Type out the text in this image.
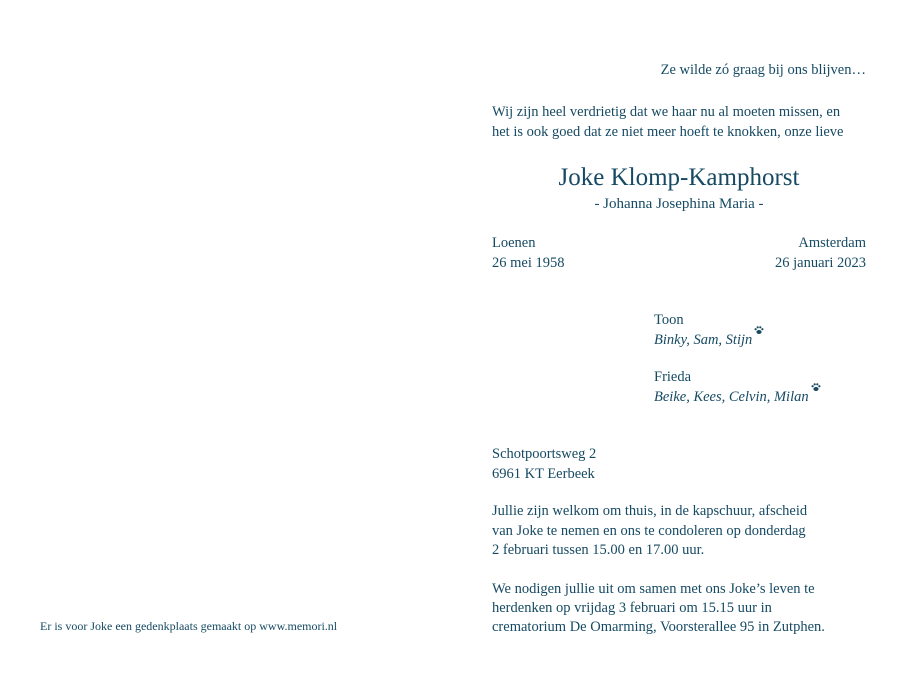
Ze wilde zó graag bij ons blijven…
Wij zijn heel verdrietig dat we haar nu al moeten missen, en
het is ook goed dat ze niet meer hoeft te knokken, onze lieve
Joke Klomp-Kamphorst
- Johanna Josephina Maria -
Loenen
26 mei 1958
Amsterdam
26 januari 2023
Toon
Binky, Sam, Stijn
Frieda
Beike, Kees, Celvin, Milan
Schotpoortsweg 2
6961 KT Eerbeek
Jullie zijn welkom om thuis, in de kapschuur, afscheid
van Joke te nemen en ons te condoleren op donderdag
2 februari tussen 15.00 en 17.00 uur.
We nodigen jullie uit om samen met ons Joke’s leven te
herdenken op vrijdag 3 februari om 15.15 uur in
crematorium De Omarming, Voorsterallee 95 in Zutphen.
Er is voor Joke een gedenkplaats gemaakt op www.memori.nl
